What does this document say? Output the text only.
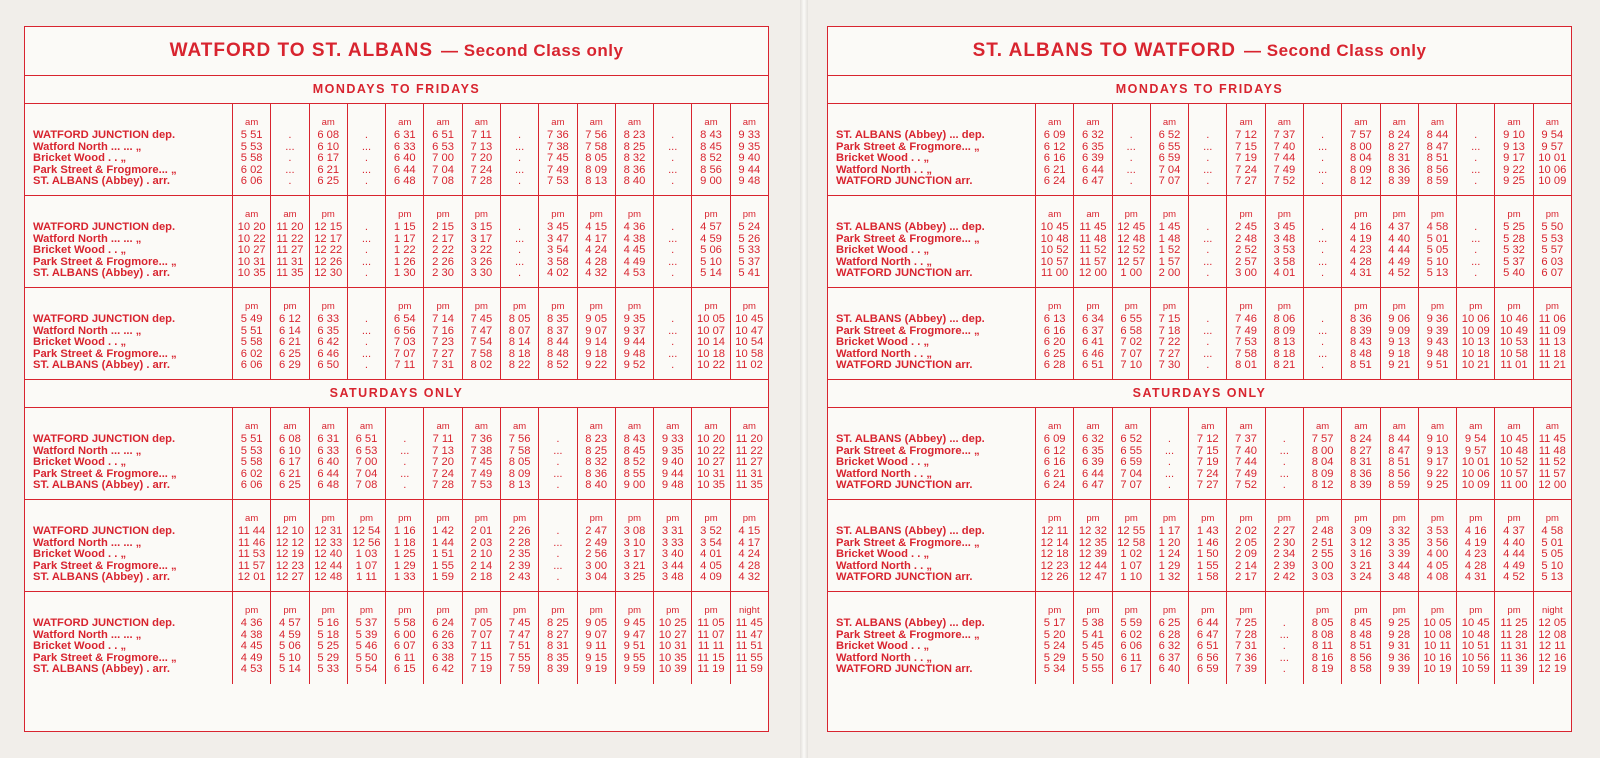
WATFORD TO ST. ALBANS — Second Class only
MONDAYS TO FRIDAYS
WATFORD JUNCTION dep.
Watford North ... ... „
Bricket Wood . . „
Park Street & Frogmore... „
ST. ALBANS (Abbey) . arr.
am
5 51
5 53
5 58
6 02
6 06
.
...
.
...
.
am
6 08
6 10
6 17
6 21
6 25
.
...
.
...
.
am
6 31
6 33
6 40
6 44
6 48
am
6 51
6 53
7 00
7 04
7 08
am
7 11
7 13
7 20
7 24
7 28
.
...
.
...
.
am
7 36
7 38
7 45
7 49
7 53
am
7 56
7 58
8 05
8 09
8 13
am
8 23
8 25
8 32
8 36
8 40
.
...
.
...
.
am
8 43
8 45
8 52
8 56
9 00
am
9 33
9 35
9 40
9 44
9 48
WATFORD JUNCTION dep.
Watford North ... ... „
Bricket Wood . . „
Park Street & Frogmore... „
ST. ALBANS (Abbey) . arr.
am
10 20
10 22
10 27
10 31
10 35
am
11 20
11 22
11 27
11 31
11 35
pm
12 15
12 17
12 22
12 26
12 30
.
...
.
...
.
pm
1 15
1 17
1 22
1 26
1 30
pm
2 15
2 17
2 22
2 26
2 30
pm
3 15
3 17
3 22
3 26
3 30
.
...
.
...
.
pm
3 45
3 47
3 54
3 58
4 02
pm
4 15
4 17
4 24
4 28
4 32
pm
4 36
4 38
4 45
4 49
4 53
.
...
.
...
.
pm
4 57
4 59
5 06
5 10
5 14
pm
5 24
5 26
5 33
5 37
5 41
WATFORD JUNCTION dep.
Watford North ... ... „
Bricket Wood . . „
Park Street & Frogmore... „
ST. ALBANS (Abbey) . arr.
pm
5 49
5 51
5 58
6 02
6 06
pm
6 12
6 14
6 21
6 25
6 29
pm
6 33
6 35
6 42
6 46
6 50
.
...
.
...
.
pm
6 54
6 56
7 03
7 07
7 11
pm
7 14
7 16
7 23
7 27
7 31
pm
7 45
7 47
7 54
7 58
8 02
pm
8 05
8 07
8 14
8 18
8 22
pm
8 35
8 37
8 44
8 48
8 52
pm
9 05
9 07
9 14
9 18
9 22
pm
9 35
9 37
9 44
9 48
9 52
.
...
.
...
.
pm
10 05
10 07
10 14
10 18
10 22
pm
10 45
10 47
10 54
10 58
11 02
SATURDAYS ONLY
WATFORD JUNCTION dep.
Watford North ... ... „
Bricket Wood . . „
Park Street & Frogmore... „
ST. ALBANS (Abbey) . arr.
am
5 51
5 53
5 58
6 02
6 06
am
6 08
6 10
6 17
6 21
6 25
am
6 31
6 33
6 40
6 44
6 48
am
6 51
6 53
7 00
7 04
7 08
.
...
.
...
.
am
7 11
7 13
7 20
7 24
7 28
am
7 36
7 38
7 45
7 49
7 53
am
7 56
7 58
8 05
8 09
8 13
.
...
.
...
.
am
8 23
8 25
8 32
8 36
8 40
am
8 43
8 45
8 52
8 55
9 00
am
9 33
9 35
9 40
9 44
9 48
am
10 20
10 22
10 27
10 31
10 35
am
11 20
11 22
11 27
11 31
11 35
WATFORD JUNCTION dep.
Watford North ... ... „
Bricket Wood . . „
Park Street & Frogmore... „
ST. ALBANS (Abbey) . arr.
am
11 44
11 46
11 53
11 57
12 01
pm
12 10
12 12
12 19
12 23
12 27
pm
12 31
12 33
12 40
12 44
12 48
pm
12 54
12 56
1 03
1 07
1 11
pm
1 16
1 18
1 25
1 29
1 33
pm
1 42
1 44
1 51
1 55
1 59
pm
2 01
2 03
2 10
2 14
2 18
pm
2 26
2 28
2 35
2 39
2 43
.
...
.
...
.
pm
2 47
2 49
2 56
3 00
3 04
pm
3 08
3 10
3 17
3 21
3 25
pm
3 31
3 33
3 40
3 44
3 48
pm
3 52
3 54
4 01
4 05
4 09
pm
4 15
4 17
4 24
4 28
4 32
WATFORD JUNCTION dep.
Watford North ... ... „
Bricket Wood . . „
Park Street & Frogmore... „
ST. ALBANS (Abbey) . arr.
pm
4 36
4 38
4 45
4 49
4 53
pm
4 57
4 59
5 06
5 10
5 14
pm
5 16
5 18
5 25
5 29
5 33
pm
5 37
5 39
5 46
5 50
5 54
pm
5 58
6 00
6 07
6 11
6 15
pm
6 24
6 26
6 33
6 38
6 42
pm
7 05
7 07
7 11
7 15
7 19
pm
7 45
7 47
7 51
7 55
7 59
pm
8 25
8 27
8 31
8 35
8 39
pm
9 05
9 07
9 11
9 15
9 19
pm
9 45
9 47
9 51
9 55
9 59
pm
10 25
10 27
10 31
10 35
10 39
pm
11 05
11 07
11 11
11 15
11 19
night
11 45
11 47
11 51
11 55
11 59
ST. ALBANS TO WATFORD — Second Class only
MONDAYS TO FRIDAYS
ST. ALBANS (Abbey) ... dep.
Park Street & Frogmore... „
Bricket Wood . . „
Watford North . . „
WATFORD JUNCTION arr.
am
6 09
6 12
6 16
6 21
6 24
am
6 32
6 35
6 39
6 44
6 47
.
...
.
...
.
am
6 52
6 55
6 59
7 04
7 07
.
...
.
...
.
am
7 12
7 15
7 19
7 24
7 27
am
7 37
7 40
7 44
7 49
7 52
.
...
.
...
.
am
7 57
8 00
8 04
8 09
8 12
am
8 24
8 27
8 31
8 36
8 39
am
8 44
8 47
8 51
8 56
8 59
.
...
.
...
.
am
9 10
9 13
9 17
9 22
9 25
am
9 54
9 57
10 01
10 06
10 09
ST. ALBANS (Abbey) ... dep.
Park Street & Frogmore... „
Bricket Wood . . „
Watford North . . „
WATFORD JUNCTION arr.
am
10 45
10 48
10 52
10 57
11 00
am
11 45
11 48
11 52
11 57
12 00
pm
12 45
12 48
12 52
12 57
1 00
pm
1 45
1 48
1 52
1 57
2 00
.
...
.
...
.
pm
2 45
2 48
2 52
2 57
3 00
pm
3 45
3 48
3 53
3 58
4 01
.
...
.
...
.
pm
4 16
4 19
4 23
4 28
4 31
pm
4 37
4 40
4 44
4 49
4 52
pm
4 58
5 01
5 05
5 10
5 13
.
...
.
...
.
pm
5 25
5 28
5 32
5 37
5 40
pm
5 50
5 53
5 57
6 03
6 07
ST. ALBANS (Abbey) ... dep.
Park Street & Frogmore... „
Bricket Wood . . „
Watford North . . „
WATFORD JUNCTION arr.
pm
6 13
6 16
6 20
6 25
6 28
pm
6 34
6 37
6 41
6 46
6 51
pm
6 55
6 58
7 02
7 07
7 10
pm
7 15
7 18
7 22
7 27
7 30
.
...
.
...
.
pm
7 46
7 49
7 53
7 58
8 01
pm
8 06
8 09
8 13
8 18
8 21
.
...
.
...
.
pm
8 36
8 39
8 43
8 48
8 51
pm
9 06
9 09
9 13
9 18
9 21
pm
9 36
9 39
9 43
9 48
9 51
pm
10 06
10 09
10 13
10 18
10 21
pm
10 46
10 49
10 53
10 58
11 01
pm
11 06
11 09
11 13
11 18
11 21
SATURDAYS ONLY
ST. ALBANS (Abbey) ... dep.
Park Street & Frogmore... „
Bricket Wood . . „
Watford North . . „
WATFORD JUNCTION arr.
am
6 09
6 12
6 16
6 21
6 24
am
6 32
6 35
6 39
6 44
6 47
am
6 52
6 55
6 59
7 04
7 07
.
...
.
...
.
am
7 12
7 15
7 19
7 24
7 27
am
7 37
7 40
7 44
7 49
7 52
.
...
.
...
.
am
7 57
8 00
8 04
8 09
8 12
am
8 24
8 27
8 31
8 36
8 39
am
8 44
8 47
8 51
8 56
8 59
am
9 10
9 13
9 17
9 22
9 25
am
9 54
9 57
10 01
10 06
10 09
am
10 45
10 48
10 52
10 57
11 00
am
11 45
11 48
11 52
11 57
12 00
ST. ALBANS (Abbey) ... dep.
Park Street & Frogmore... „
Bricket Wood . . „
Watford North . . „
WATFORD JUNCTION arr.
pm
12 11
12 14
12 18
12 23
12 26
pm
12 32
12 35
12 39
12 44
12 47
pm
12 55
12 58
1 02
1 07
1 10
pm
1 17
1 20
1 24
1 29
1 32
pm
1 43
1 46
1 50
1 55
1 58
pm
2 02
2 05
2 09
2 14
2 17
pm
2 27
2 30
2 34
2 39
2 42
pm
2 48
2 51
2 55
3 00
3 03
pm
3 09
3 12
3 16
3 21
3 24
pm
3 32
3 35
3 39
3 44
3 48
pm
3 53
3 56
4 00
4 05
4 08
pm
4 16
4 19
4 23
4 28
4 31
pm
4 37
4 40
4 44
4 49
4 52
pm
4 58
5 01
5 05
5 10
5 13
ST. ALBANS (Abbey) ... dep.
Park Street & Frogmore... „
Bricket Wood . . „
Watford North . . „
WATFORD JUNCTION arr.
pm
5 17
5 20
5 24
5 29
5 34
pm
5 38
5 41
5 45
5 50
5 55
pm
5 59
6 02
6 06
6 11
6 17
pm
6 25
6 28
6 32
6 37
6 40
pm
6 44
6 47
6 51
6 56
6 59
pm
7 25
7 28
7 31
7 36
7 39
.
...
.
...
.
pm
8 05
8 08
8 11
8 16
8 19
pm
8 45
8 48
8 51
8 56
8 58
pm
9 25
9 28
9 31
9 36
9 39
pm
10 05
10 08
10 11
10 16
10 19
pm
10 45
10 48
10 51
10 56
10 59
pm
11 25
11 28
11 31
11 36
11 39
night
12 05
12 08
12 11
12 16
12 19
